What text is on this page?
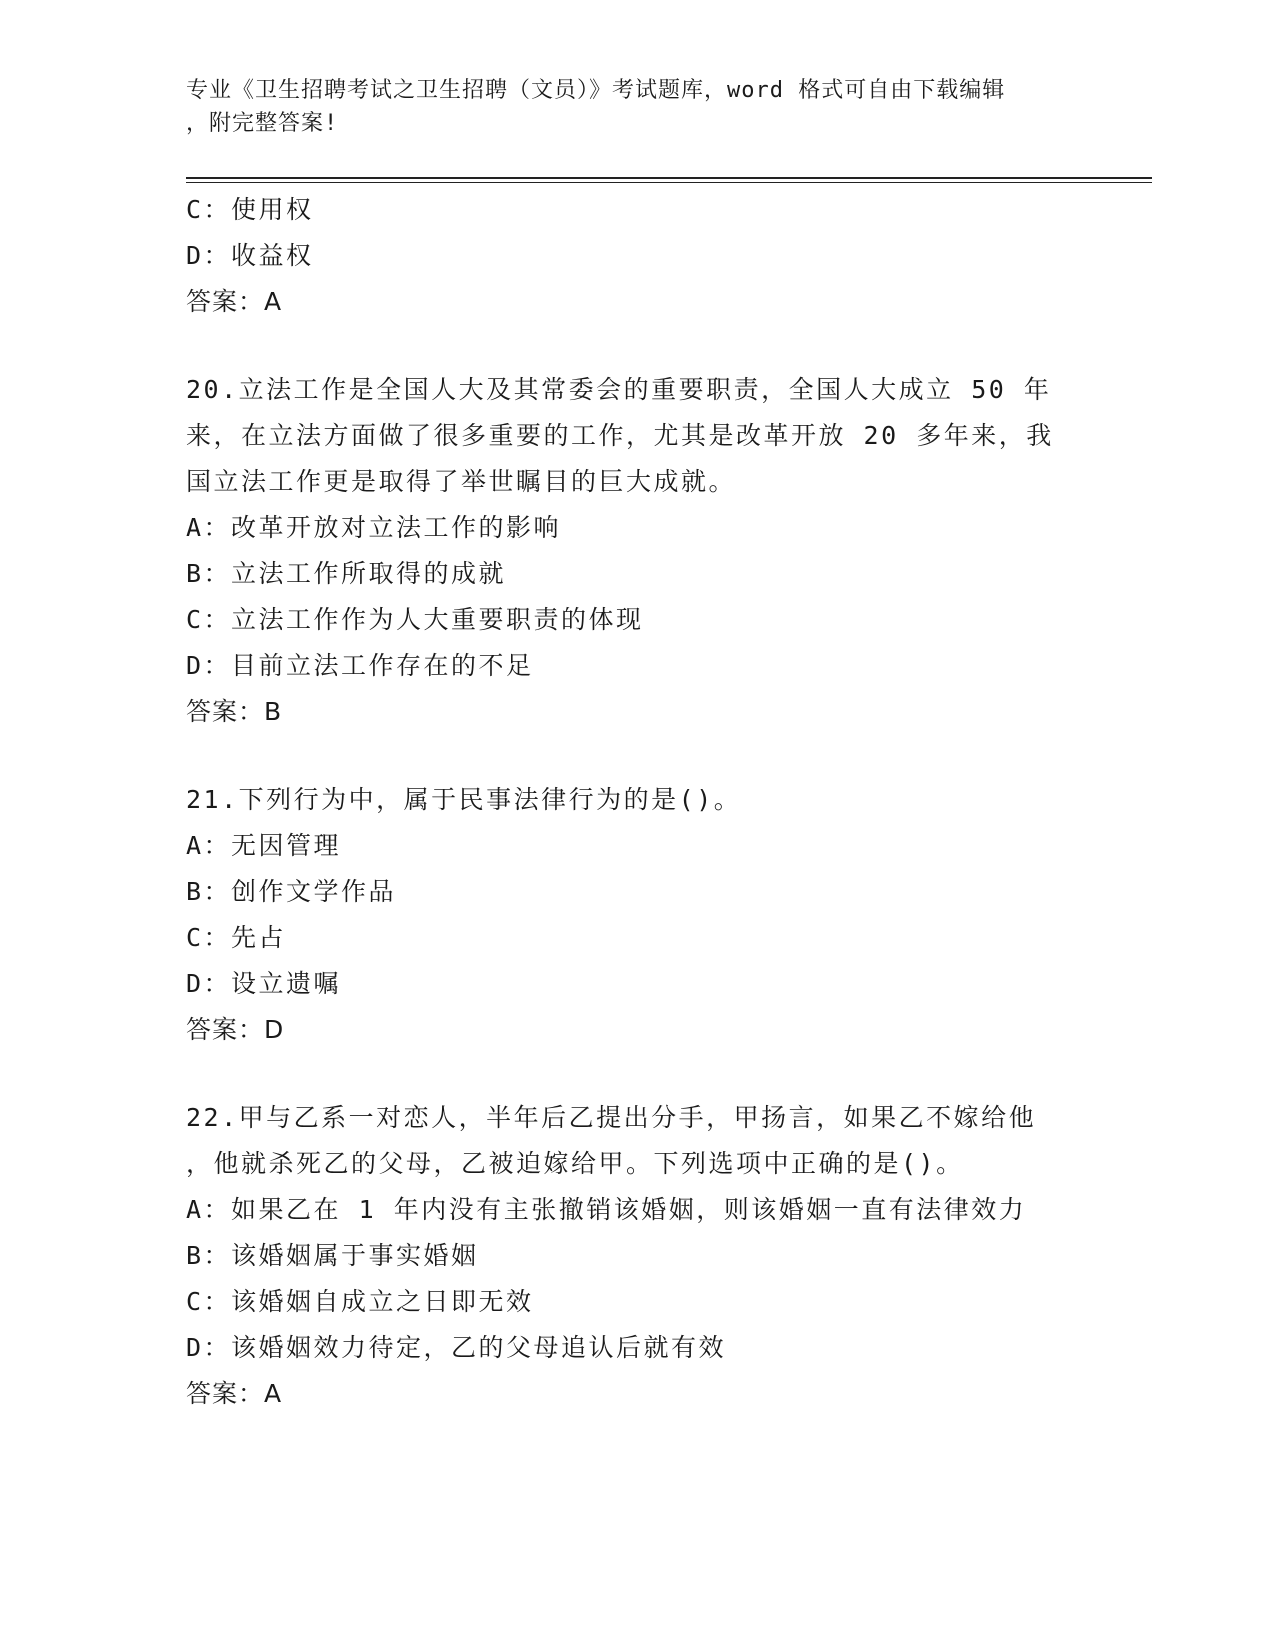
专业《卫生招聘考试之卫生招聘（文员）》考试题库，word 格式可自由下载编辑
，附完整答案!
C：使用权
D：收益权
答案：A
20.立法工作是全国人大及其常委会的重要职责，全国人大成立 50 年
来，在立法方面做了很多重要的工作，尤其是改革开放 20 多年来，我
国立法工作更是取得了举世瞩目的巨大成就。
A：改革开放对立法工作的影响
B：立法工作所取得的成就
C：立法工作作为人大重要职责的体现
D：目前立法工作存在的不足
答案：B
21.下列行为中，属于民事法律行为的是()。
A：无因管理
B：创作文学作品
C：先占
D：设立遗嘱
答案：D
22.甲与乙系一对恋人，半年后乙提出分手，甲扬言，如果乙不嫁给他
，他就杀死乙的父母，乙被迫嫁给甲。下列选项中正确的是()。
A：如果乙在 1 年内没有主张撤销该婚姻，则该婚姻一直有法律效力
B：该婚姻属于事实婚姻
C：该婚姻自成立之日即无效
D：该婚姻效力待定，乙的父母追认后就有效
答案：A
